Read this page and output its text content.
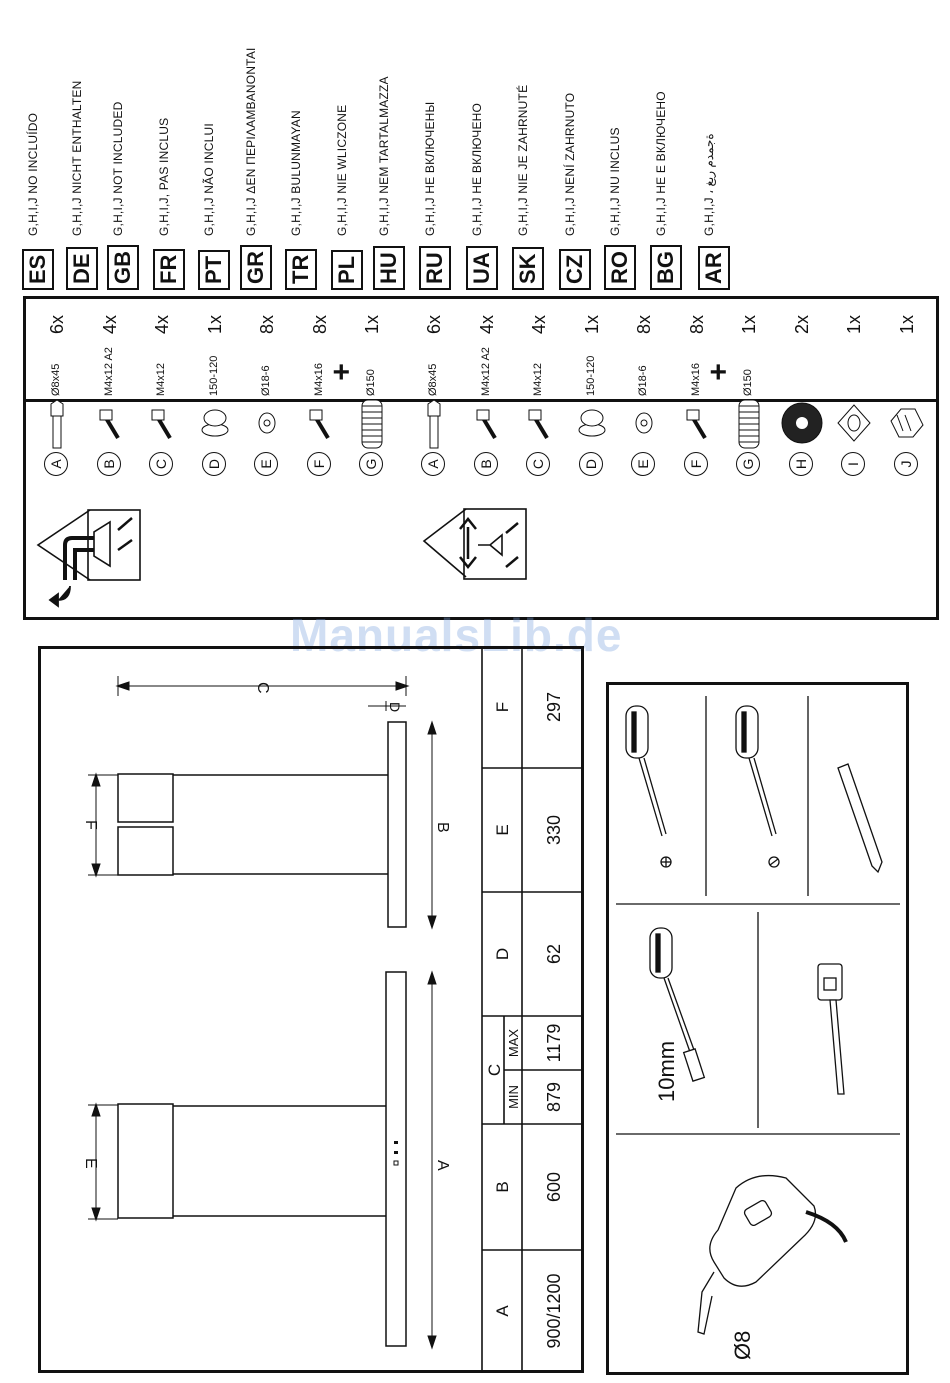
ES
G,H,I,J NO INCLUÍDO
DE
G,H,I,J NICHT ENTHALTEN
GB
G,H,I,J NOT INCLUDED
FR
G,H,I,J, PAS INCLUS
PT
G,H,I,J NÃO INCLUI
GR
G,H,I,J ΔΕΝ ΠΕΡΙΛΑΜΒΑΝΟΝΤΑΙ
TR
G,H,I,J BULUNMAYAN
PL
G,H,I,J NIE WLICZONE
HU
G,H,I,J NEM TARTALMAZZA
RU
G,H,I,J НЕ ВКЛЮЧЕНЫ
UA
G,H,I,J НЕ ВКЛЮЧЕНО
SK
G,H,I,J NIE JE ZAHRNUTÉ
CZ
G,H,I,J NENÍ ZAHRNUTO
RO
G,H,I,J NU INCLUS
BG
G,H,I,J НЕ Е ВКЛЮЧЕНО
AR
G,H,I,J ، ةجمدم ريغ
A
Ø8x45
6x
B
M4x12 A2
4x
C
M4x12
4x
D
150-120
1x
E
Ø18-6
8x
F
M4x16
8x
G
Ø150
1x
+
A
Ø8x45
6x
B
M4x12 A2
4x
C
M4x12
4x
D
150-120
1x
E
Ø18-6
8x
F
M4x16
8x
G
Ø150
1x
H
2x
I
1x
J
1x
+
ManualsLib.de
A
B
C
D
E
F
F
E
D
C
B
A
MAX
MIN
297
330
62
1179
879
600
900/1200
10mm
Ø8
